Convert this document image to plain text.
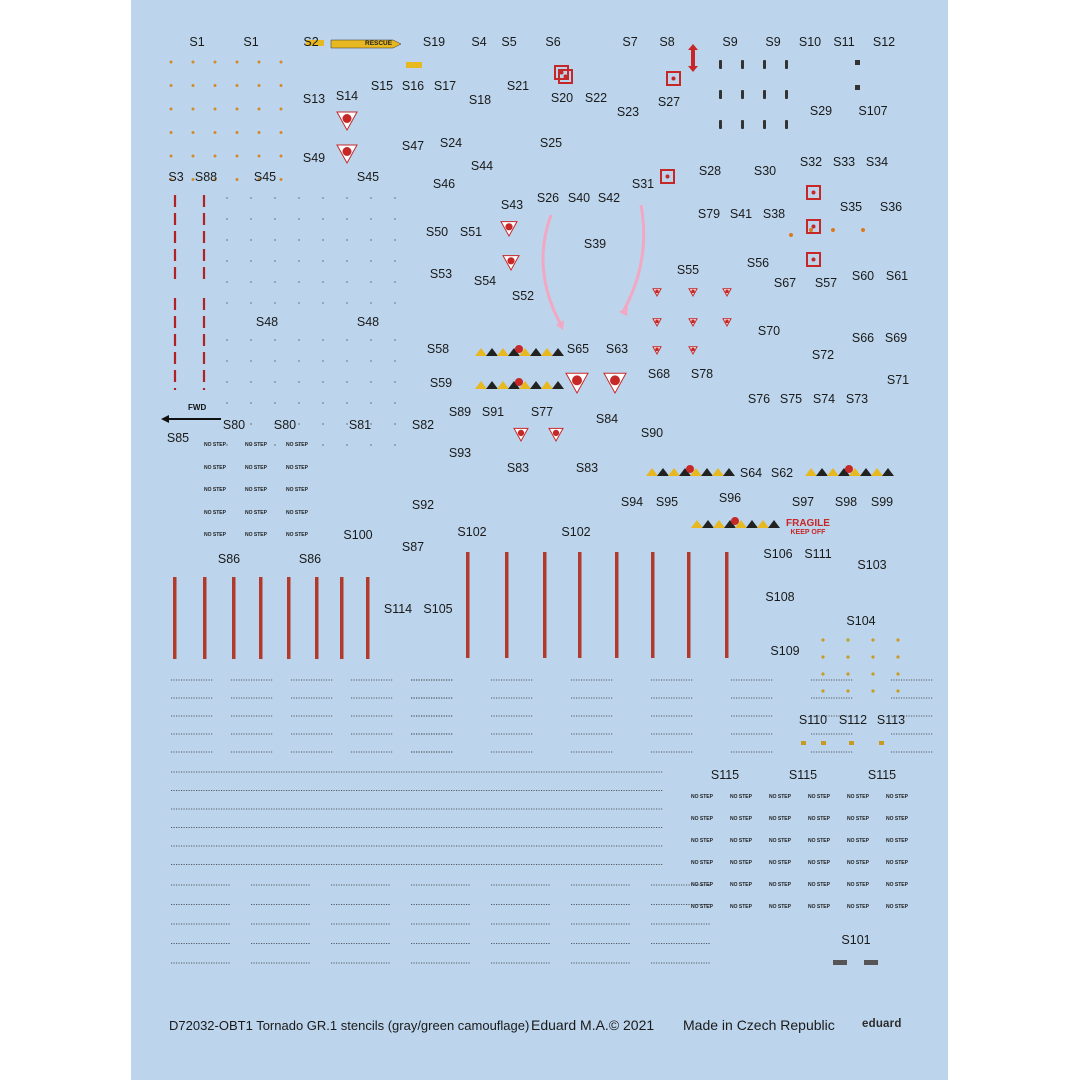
S1	S1	S2	S19 S4 S5 S6	S7 S8	S9 S9 S10 S11 S12
S13 S14
S15 S16 S17
S18
S21
S20 S22
S23
S27
S29 S107
S49
S47 S24	S25
S44
S3 S88	S45	S45	S46
S26 S40 S42
S31
S28	S30
S32 S33 S34
S43
S79 S41 S38	S35 S36
S50 S51
S39
S55	S56
S53 S54	S67 S57 S60 S61
S52
S48	S48
S70	S66 S69
S58	S65 S63	S72
S59
S68 S78	S71
S76 S75 S74 S73
S89 S91 S77
S85
S80 S80	S81	S82	S84
S90
S93
S83	S83	S64 S62
S92	S94 S95	S96	S97 S98 S99
S100	S102	S102
S87
S86	S86	S106 S111
S103
S108
S114 S105
S104
S109
S110 S112 S113
S115	S115	S115
S101
RESCUE
FWD
FRAGILE
KEEP OFF
NO STEP
NO STEP
NO STEP
NO STEP
NO STEP
NO STEP
NO STEP
NO STEP
NO STEP
NO STEP
NO STEP
NO STEP
NO STEP
NO STEP
NO STEP
NO STEP
NO STEP
NO STEP
NO STEP
NO STEP
NO STEP
NO STEP
NO STEP
NO STEP
NO STEP
NO STEP
NO STEP
NO STEP
NO STEP
NO STEP
NO STEP
NO STEP
NO STEP
NO STEP
NO STEP
NO STEP
NO STEP
NO STEP
NO STEP
NO STEP
NO STEP
NO STEP
NO STEP
NO STEP
NO STEP
NO STEP
NO STEP
NO STEP
NO STEP
NO STEP
NO STEP
D72032-OBT1 Tornado GR.1 stencils (gray/green camouflage) Eduard M.A.© 2021 Made in Czech Republic eduard
